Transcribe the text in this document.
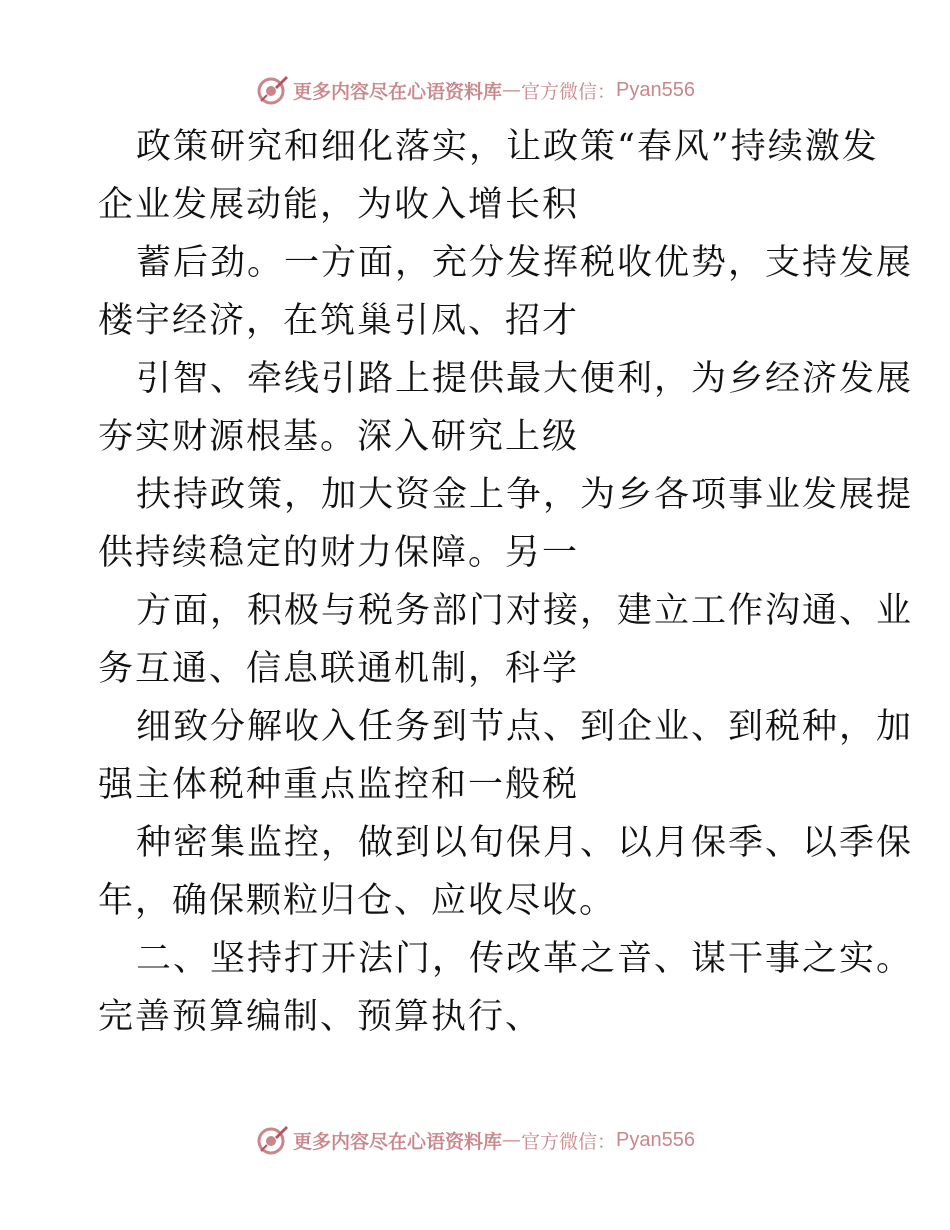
更多内容尽在心语资料库 — 官方微信： Pyan556
政策研究和细化落实，让政策“春风”持续激发
企业发展动能，为收入增长积
蓄后劲。一方面，充分发挥税收优势，支持发展
楼宇经济，在筑巢引凤、招才
引智、牵线引路上提供最大便利，为乡经济发展
夯实财源根基。深入研究上级
扶持政策，加大资金上争，为乡各项事业发展提
供持续稳定的财力保障。另一
方面，积极与税务部门对接，建立工作沟通、业
务互通、信息联通机制，科学
细致分解收入任务到节点、到企业、到税种，加
强主体税种重点监控和一般税
种密集监控，做到以旬保月、以月保季、以季保
年，确保颗粒归仓、应收尽收。
二、坚持打开法门，传改革之音、谋干事之实。
完善预算编制、预算执行、
更多内容尽在心语资料库 — 官方微信： Pyan556
